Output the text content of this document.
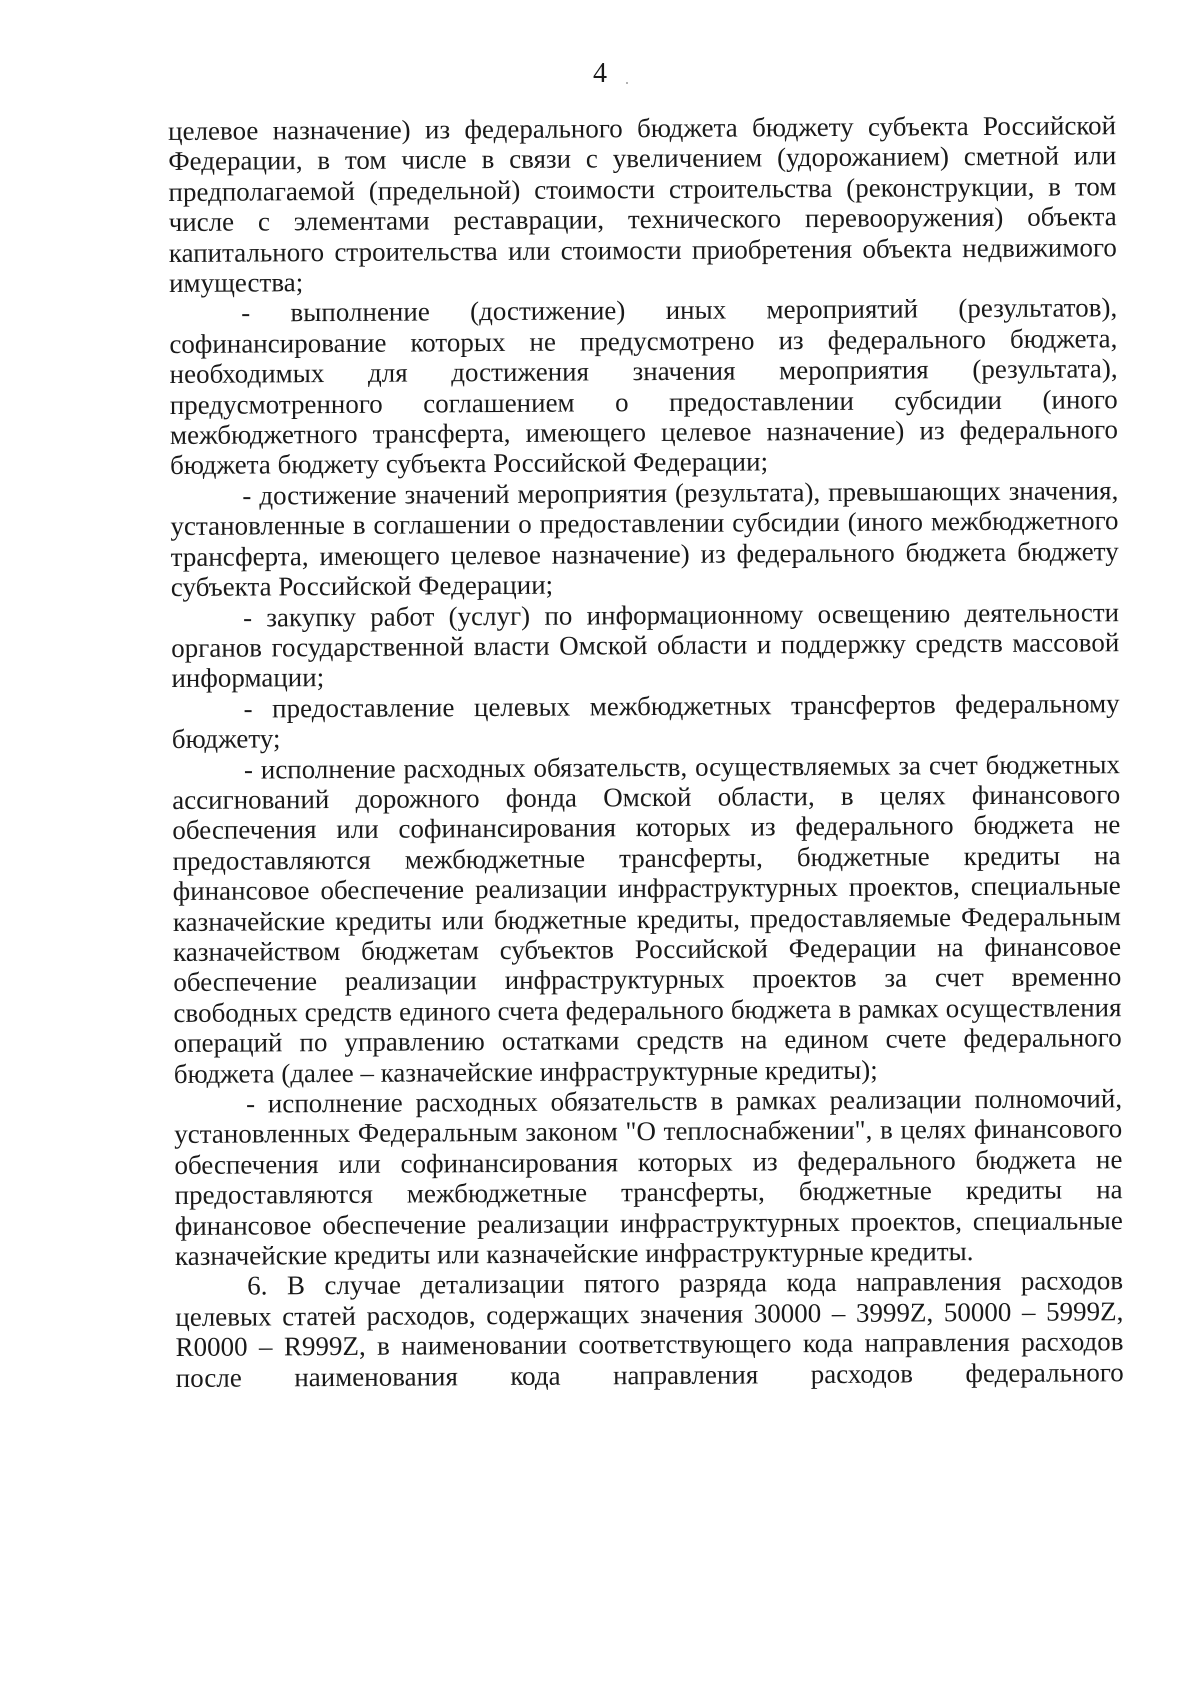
4

целевое назначение) из федерального бюджета бюджету субъекта Российской Федерации, в том числе в связи с увеличением (удорожанием) сметной или предполагаемой (предельной) стоимости строительства (реконструкции, в том числе с элементами реставрации, технического перевооружения) объекта капитального строительства или стоимости приобретения объекта недвижимого имущества;

- выполнение (достижение) иных мероприятий (результатов), софинансирование которых не предусмотрено из федерального бюджета, необходимых для достижения значения мероприятия (результата), предусмотренного соглашением о предоставлении субсидии (иного межбюджетного трансферта, имеющего целевое назначение) из федерального бюджета бюджету субъекта Российской Федерации;

- достижение значений мероприятия (результата), превышающих значения, установленные в соглашении о предоставлении субсидии (иного межбюджетного трансферта, имеющего целевое назначение) из федерального бюджета бюджету субъекта Российской Федерации;

- закупку работ (услуг) по информационному освещению деятельности органов государственной власти Омской области и поддержку средств массовой информации;

- предоставление целевых межбюджетных трансфертов федеральному бюджету;

- исполнение расходных обязательств, осуществляемых за счет бюджетных ассигнований дорожного фонда Омской области, в целях финансового обеспечения или софинансирования которых из федерального бюджета не предоставляются межбюджетные трансферты, бюджетные кредиты на финансовое обеспечение реализации инфраструктурных проектов, специальные казначейские кредиты или бюджетные кредиты, предоставляемые Федеральным казначейством бюджетам субъектов Российской Федерации на финансовое обеспечение реализации инфраструктурных проектов за счет временно свободных средств единого счета федерального бюджета в рамках осуществления операций по управлению остатками средств на едином счете федерального бюджета (далее – казначейские инфраструктурные кредиты);

- исполнение расходных обязательств в рамках реализации полномочий, установленных Федеральным законом "О теплоснабжении", в целях финансового обеспечения или софинансирования которых из федерального бюджета не предоставляются межбюджетные трансферты, бюджетные кредиты на финансовое обеспечение реализации инфраструктурных проектов, специальные казначейские кредиты или казначейские инфраструктурные кредиты.

6. В случае детализации пятого разряда кода направления расходов целевых статей расходов, содержащих значения 30000 – 3999Z, 50000 – 5999Z, R0000 – R999Z, в наименовании соответствующего кода направления расходов после наименования кода направления расходов федерального
